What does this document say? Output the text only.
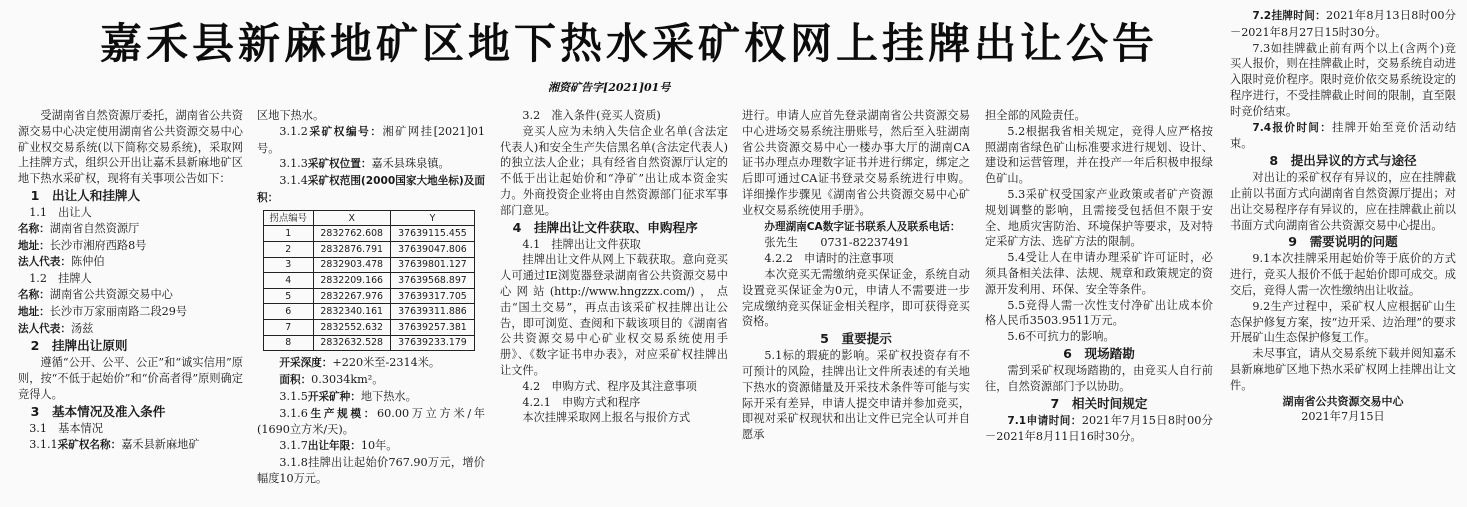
嘉禾县新麻地矿区地下热水采矿权网上挂牌出让公告
湘资矿告字[2021]01号

受湖南省自然资源厅委托，湖南省公共资源交易中心决定使用湖南省公共资源交易中心矿业权交易系统(以下简称交易系统)，采取网上挂牌方式，组织公开出让嘉禾县新麻地矿区地下热水采矿权，现将有关事项公告如下：

1　出让人和挂牌人

1.1　出让人

名称：湖南省自然资源厅

地址：长沙市湘府西路8号

法人代表：陈仲伯

1.2　挂牌人

名称：湖南省公共资源交易中心

地址：长沙市万家丽南路二段29号

法人代表：汤兹

2　挂牌出让原则

遵循“公开、公平、公正”和“诚实信用”原则，按“不低于起始价”和“价高者得”原则确定竞得人。

3　基本情况及准入条件

3.1　基本情况

3.1.1采矿权名称：嘉禾县新麻地矿

区地下热水。

3.1.2采矿权编号：湘矿网挂[2021]01号。

3.1.3采矿权位置：嘉禾县珠泉镇。

3.1.4采矿权范围(2000国家大地坐标)及面积：

拐点编号	X	Y
1	2832762.608	37639115.455
2	2832876.791	37639047.806
3	2832903.478	37639801.127
4	2832209.166	37639568.897
5	2832267.976	37639317.705
6	2832340.161	37639311.886
7	2832552.632	37639257.381
8	2832632.528	37639233.179

开采深度：+220米至-2314米。

面积：0.3034km²。

3.1.5开采矿种：地下热水。

3.1.6生产规模：60.00万立方米/年(1690立方米/天)。

3.1.7出让年限：10年。

3.1.8挂牌出让起始价767.90万元，增价幅度10万元。

3.2　准入条件(竞买人资质)

竞买人应为未纳入失信企业名单(含法定代表人)和安全生产失信黑名单(含法定代表人)的独立法人企业；具有经省自然资源厅认定的不低于出让起始价和“净矿”出让成本资金实力。外商投资企业将由自然资源部门征求军事部门意见。

4　挂牌出让文件获取、申购程序

4.1　挂牌出让文件获取

挂牌出让文件从网上下载获取。意向竞买人可通过IE浏览器登录湖南省公共资源交易中心网站(http://www.hngzzx.com/)，点击“国土交易”，再点击该采矿权挂牌出让公告，即可浏览、查阅和下载该项目的《湖南省公共资源交易中心矿业权交易系统使用手册》、《数字证书申办表》，对应采矿权挂牌出让文件。

4.2　申购方式、程序及其注意事项

4.2.1　申购方式和程序

本次挂牌采取网上报名与报价方式

进行。申请人应首先登录湖南省公共资源交易中心进场交易系统注册账号，然后至入驻湖南省公共资源交易中心一楼办事大厅的湖南CA证书办理点办理数字证书并进行绑定，绑定之后即可通过CA证书登录交易系统进行申购。详细操作步骤见《湖南省公共资源交易中心矿业权交易系统使用手册》。

办理湖南CA数字证书联系人及联系电话：

张先生　　0731-82237491

4.2.2　申请时的注意事项

本次竞买无需缴纳竞买保证金，系统自动设置竞买保证金为0元，申请人不需要进一步完成缴纳竞买保证金相关程序，即可获得竞买资格。

5　重要提示

5.1标的瑕疵的影响。采矿权投资存有不可预计的风险，挂牌出让文件所表述的有关地下热水的资源储量及开采技术条件等可能与实际开采有差异，申请人提交申请并参加竞买，即视对采矿权现状和出让文件已完全认可并自愿承

担全部的风险责任。

5.2根据我省相关规定，竞得人应严格按照湖南省绿色矿山标准要求进行规划、设计、建设和运营管理，并在投产一年后积极申报绿色矿山。

5.3采矿权受国家产业政策或者矿产资源规划调整的影响，且需接受包括但不限于安全、地质灾害防治、环境保护等要求，及对特定采矿方法、选矿方法的限制。

5.4受让人在申请办理采矿许可证时，必须具备相关法律、法规、规章和政策规定的资源开发利用、环保、安全等条件。

5.5竞得人需一次性支付净矿出让成本价格人民币3503.9511万元。

5.6不可抗力的影响。

6　现场踏勘

需到采矿权现场踏勘的，由竞买人自行前往，自然资源部门予以协助。

7　相关时间规定

7.1申请时间：2021年7月15日8时00分－2021年8月11日16时30分。

7.2挂牌时间：2021年8月13日8时00分－2021年8月27日15时30分。

7.3如挂牌截止前有两个以上(含两个)竞买人报价，则在挂牌截止时，交易系统自动进入限时竞价程序。限时竞价依交易系统设定的程序进行，不受挂牌截止时间的限制，直至限时竞价结束。

7.4报价时间：挂牌开始至竞价活动结束。

8　提出异议的方式与途径

对出让的采矿权存有异议的，应在挂牌截止前以书面方式向湖南省自然资源厅提出；对出让交易程序存有异议的，应在挂牌截止前以书面方式向湖南省公共资源交易中心提出。

9　需要说明的问题

9.1本次挂牌采用起始价等于底价的方式进行，竞买人报价不低于起始价即可成交。成交后，竞得人需一次性缴纳出让收益。

9.2生产过程中，采矿权人应根据矿山生态保护修复方案，按“边开采、边治理”的要求开展矿山生态保护修复工作。

未尽事宜，请从交易系统下载并阅知嘉禾县新麻地矿区地下热水采矿权网上挂牌出让文件。

湖南省公共资源交易中心

2021年7月15日
